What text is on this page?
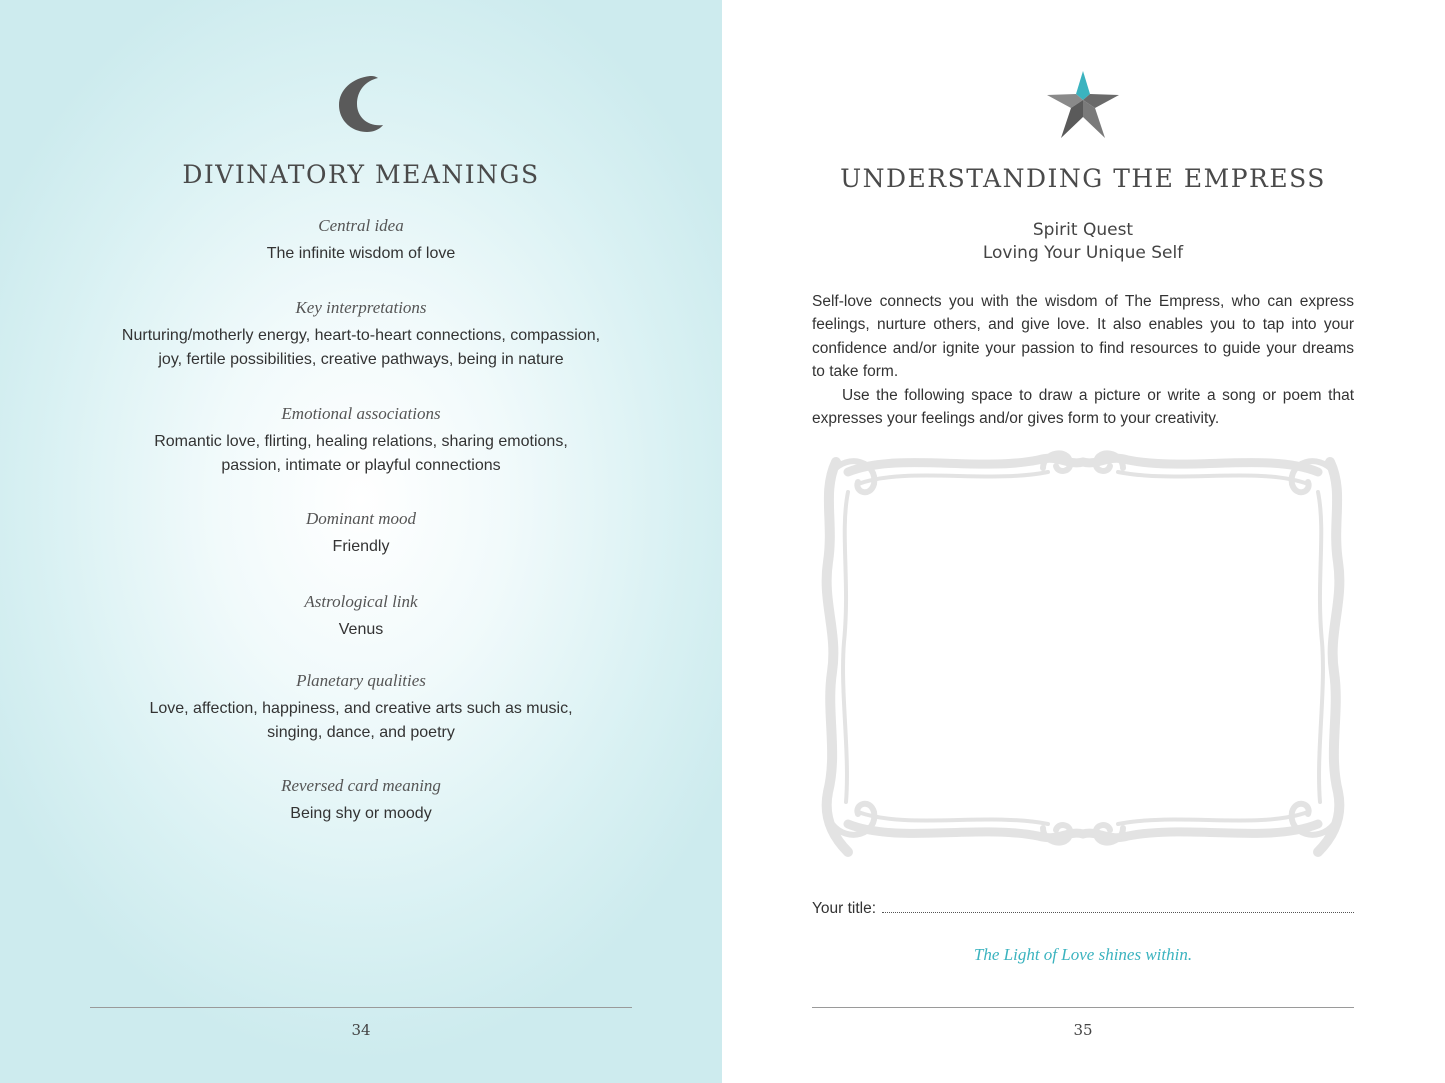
DIVINATORY MEANINGS
Central idea
The infinite wisdom of love
Key interpretations
Nurturing/motherly energy, heart-to-heart connections, compassion,
joy, fertile possibilities, creative pathways, being in nature
Emotional associations
Romantic love, flirting, healing relations, sharing emotions,
passion, intimate or playful connections
Dominant mood
Friendly
Astrological link
Venus
Planetary qualities
Love, affection, happiness, and creative arts such as music,
singing, dance, and poetry
Reversed card meaning
Being shy or moody
34
UNDERSTANDING THE EMPRESS
Spirit Quest
Loving Your Unique Self

Self-love connects you with the wisdom of The Empress, who can express feelings, nurture others, and give love. It also enables you to tap into your confidence and/or ignite your passion to find resources to guide your dreams to take form.

Use the following space to draw a picture or write a song or poem that expresses your feelings and/or gives form to your creativity.

Your title:
The Light of Love shines within.
35
